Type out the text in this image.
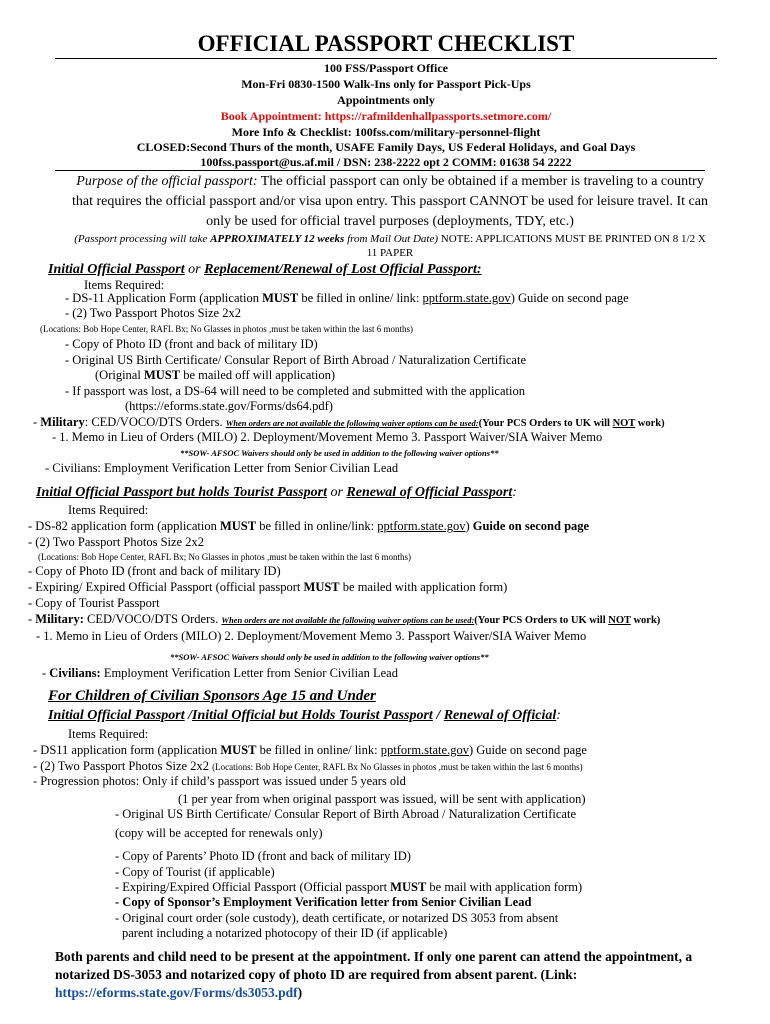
OFFICIAL PASSPORT CHECKLIST
100 FSS/Passport Office
Mon-Fri 0830-1500 Walk-Ins only for Passport Pick-Ups
Appointments only
Book Appointment: https://rafmildenhallpassports.setmore.com/
More Info & Checklist: 100fss.com/military-personnel-flight
CLOSED:Second Thurs of the month, USAFE Family Days, US Federal Holidays, and Goal Days
100fss.passport@us.af.mil / DSN: 238-2222 opt 2 COMM: 01638 54 2222
Purpose of the official passport: The official passport can only be obtained if a member is traveling to a country that requires the official passport and/or visa upon entry. This passport CANNOT be used for leisure travel. It can only be used for official travel purposes (deployments, TDY, etc.)
(Passport processing will take APPROXIMATELY 12 weeks from Mail Out Date) NOTE: APPLICATIONS MUST BE PRINTED ON 8 1/2 X 11 PAPER
Initial Official Passport or Replacement/Renewal of Lost Official Passport:
Items Required:
- DS-11 Application Form (application MUST be filled in online/ link: pptform.state.gov) Guide on second page
- (2) Two Passport Photos Size 2x2
(Locations: Bob Hope Center, RAFL Bx; No Glasses in photos ,must be taken within the last 6 months)
- Copy of Photo ID (front and back of military ID)
- Original US Birth Certificate/ Consular Report of Birth Abroad / Naturalization Certificate
(Original MUST be mailed off will application)
- If passport was lost, a DS-64 will need to be completed and submitted with the application
(https://eforms.state.gov/Forms/ds64.pdf)
- Military: CED/VOCO/DTS Orders. When orders are not available the following waiver options can be used:(Your PCS Orders to UK will NOT work)
- 1. Memo in Lieu of Orders (MILO) 2. Deployment/Movement Memo 3. Passport Waiver/SIA Waiver Memo
**SOW- AFSOC Waivers should only be used in addition to the following waiver options**
- Civilians: Employment Verification Letter from Senior Civilian Lead
Initial Official Passport but holds Tourist Passport or Renewal of Official Passport:
Items Required:
- DS-82 application form (application MUST be filled in online/link: pptform.state.gov) Guide on second page
- (2) Two Passport Photos Size 2x2
(Locations: Bob Hope Center, RAFL Bx; No Glasses in photos ,must be taken within the last 6 months)
- Copy of Photo ID (front and back of military ID)
- Expiring/ Expired Official Passport (official passport MUST be mailed with application form)
- Copy of Tourist Passport
- Military: CED/VOCO/DTS Orders. When orders are not available the following waiver options can be used:(Your PCS Orders to UK will NOT work)
- 1. Memo in Lieu of Orders (MILO) 2. Deployment/Movement Memo 3. Passport Waiver/SIA Waiver Memo
**SOW- AFSOC Waivers should only be used in addition to the following waiver options**
- Civilians: Employment Verification Letter from Senior Civilian Lead
For Children of Civilian Sponsors Age 15 and Under
Initial Official Passport /Initial Official but Holds Tourist Passport / Renewal of Official:
Items Required:
- DS11 application form (application MUST be filled in online/ link: pptform.state.gov) Guide on second page
- (2) Two Passport Photos Size 2x2 (Locations: Bob Hope Center, RAFL Bx No Glasses in photos ,must be taken within the last 6 months)
- Progression photos: Only if child’s passport was issued under 5 years old
(1 per year from when original passport was issued, will be sent with application)
- Original US Birth Certificate/ Consular Report of Birth Abroad / Naturalization Certificate
(copy will be accepted for renewals only)
- Copy of Parents’ Photo ID (front and back of military ID)
- Copy of Tourist (if applicable)
- Expiring/Expired Official Passport (Official passport MUST be mail with application form)
- Copy of Sponsor’s Employment Verification letter from Senior Civilian Lead
- Original court order (sole custody), death certificate, or notarized DS 3053 from absent
parent including a notarized photocopy of their ID (if applicable)
Both parents and child need to be present at the appointment. If only one parent can attend the appointment, a notarized DS-3053 and notarized copy of photo ID are required from absent parent. (Link: https://eforms.state.gov/Forms/ds3053.pdf)
